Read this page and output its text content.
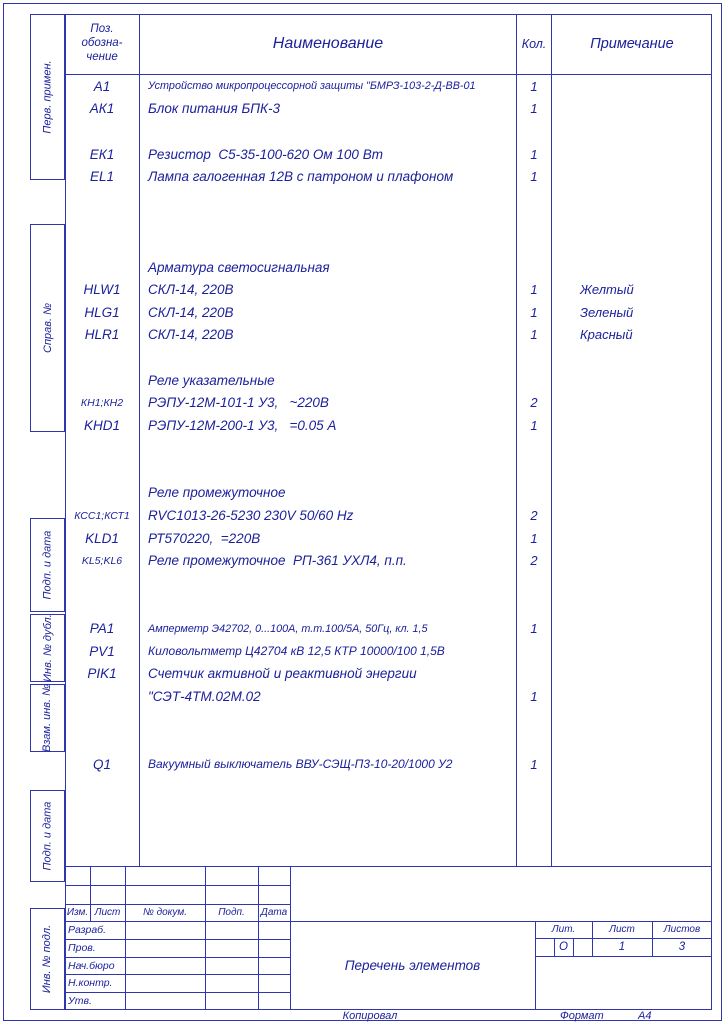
Перв. примен.
Справ. №
Подп. и дата
Инв. № дубл.
Взам. инв. №
Подп. и дата
Инв. № подл.
Поз. обозна- чение
Наименование	Кол.	Примечание
А1	Устройство микропроцессорной защиты "БМРЗ-103-2-Д-ВВ-01	1
АК1	Блок питания БПК-3	1
ЕК1	Резистор  С5-35-100-620 Ом 100 Вт	1
EL1	Лампа галогенная 12В с патроном и плафоном	1
Арматура светосигнальная
HLW1	СКЛ-14, 220В	1	Желтый
HLG1	СКЛ-14, 220В	1	Зеленый
HLR1	СКЛ-14, 220В	1	Красный
Реле указательные
КН1;КН2	РЭПУ-12М-101-1 У3,   ~220В	2
KHD1	РЭПУ-12М-200-1 У3,   =0.05 А	1
Реле промежуточное
КСС1;КСТ1	RVC1013-26-5230 230V 50/60 Hz	2
KLD1	РТ570220,  =220В	1
KL5;KL6	Реле промежуточное  РП-361 УХЛ4, п.п.	2
РА1	Амперметр Э42702, 0...100А, т.т.100/5А, 50Гц, кл. 1,5	1
PV1	Киловольтметр Ц42704 кВ 12,5 КТР 10000/100 1,5В
PIK1	Счетчик активной и реактивной энергии
"СЭТ-4ТМ.02М.02	1
Q1	Вакуумный выключатель ВВУ-СЭЩ-П3-10-20/1000 У2	1
Изм. Лист	№ докум.	Подп.	Дата
Разраб.
Пров.
Нач.бюро
Н.контр.
Утв.
Перечень элементов
Лит.	Лист	Листов
О	1	3
Копировал	Формат	А4
